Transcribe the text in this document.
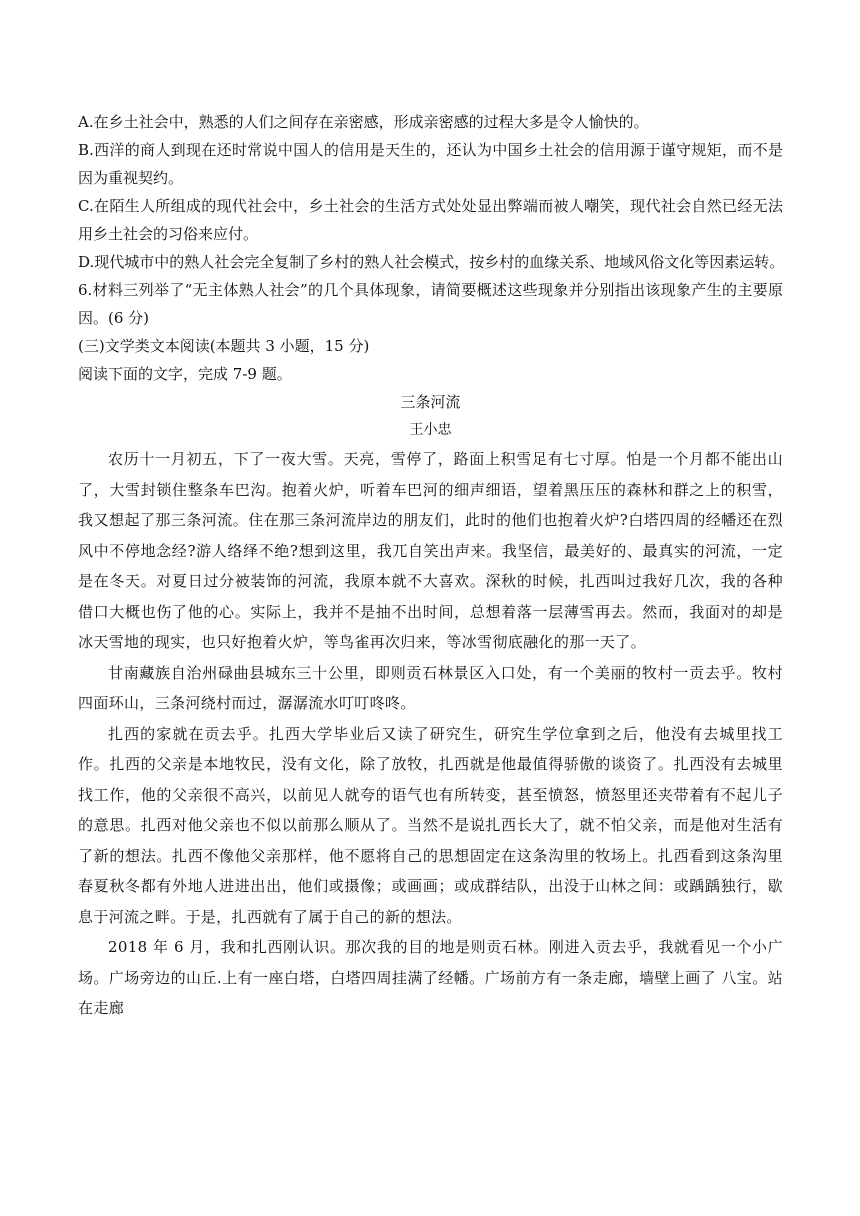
A.在乡土社会中，熟悉的人们之间存在亲密感，形成亲密感的过程大多是令人愉快的。

B.西洋的商人到现在还时常说中国人的信用是天生的，还认为中国乡土社会的信用源于谨守规矩，而不是因为重视契约。

C.在陌生人所组成的现代社会中，乡土社会的生活方式处处显出弊端而被人嘲笑，现代社会自然已经无法用乡土社会的习俗来应付。

D.现代城市中的熟人社会完全复制了乡村的熟人社会模式，按乡村的血缘关系、地域风俗文化等因素运转。

6.材料三列举了“无主体熟人社会”的几个具体现象，请简要概述这些现象并分别指出该现象产生的主要原因。(6 分)

(三)文学类文本阅读(本题共 3 小题，15 分)

阅读下面的文字，完成 7-9 题。

三条河流

王小忠

农历十一月初五，下了一夜大雪。天亮，雪停了，路面上积雪足有七寸厚。怕是一个月都不能出山了，大雪封锁住整条车巴沟。抱着火炉，听着车巴河的细声细语，望着黑压压的森林和群之上的积雪，我又想起了那三条河流。住在那三条河流岸边的朋友们，此时的他们也抱着火炉?白塔四周的经幡还在烈风中不停地念经?游人络绎不绝?想到这里，我兀自笑出声来。我坚信，最美好的、最真实的河流，一定是在冬天。对夏日过分被装饰的河流，我原本就不大喜欢。深秋的时候，扎西叫过我好几次，我的各种借口大概也伤了他的心。实际上，我并不是抽不出时间，总想着落一层薄雪再去。然而，我面对的却是冰天雪地的现实，也只好抱着火炉，等鸟雀再次归来，等冰雪彻底融化的那一天了。

甘南藏族自治州碌曲县城东三十公里，即则贡石林景区入口处，有一个美丽的牧村一贡去乎。牧村四面环山，三条河绕村而过，潺潺流水叮叮咚咚。

扎西的家就在贡去乎。扎西大学毕业后又读了研究生，研究生学位拿到之后，他没有去城里找工作。扎西的父亲是本地牧民，没有文化，除了放牧，扎西就是他最值得骄傲的谈资了。扎西没有去城里找工作，他的父亲很不高兴，以前见人就夸的语气也有所转变，甚至愤怒，愤怒里还夹带着有不起儿子的意思。扎西对他父亲也不似以前那么顺从了。当然不是说扎西长大了，就不怕父亲，而是他对生活有了新的想法。扎西不像他父亲那样，他不愿将自己的思想固定在这条沟里的牧场上。扎西看到这条沟里春夏秋冬都有外地人进进出出，他们或摄像；或画画；或成群结队，出没于山林之间：或踽踽独行，歇息于河流之畔。于是，扎西就有了属于自己的新的想法。

2018 年 6 月，我和扎西刚认识。那次我的目的地是则贡石林。刚进入贡去乎，我就看见一个小广场。广场旁边的山丘.上有一座白塔，白塔四周挂满了经幡。广场前方有一条走廊，墙壁上画了 八宝。站在走廊
